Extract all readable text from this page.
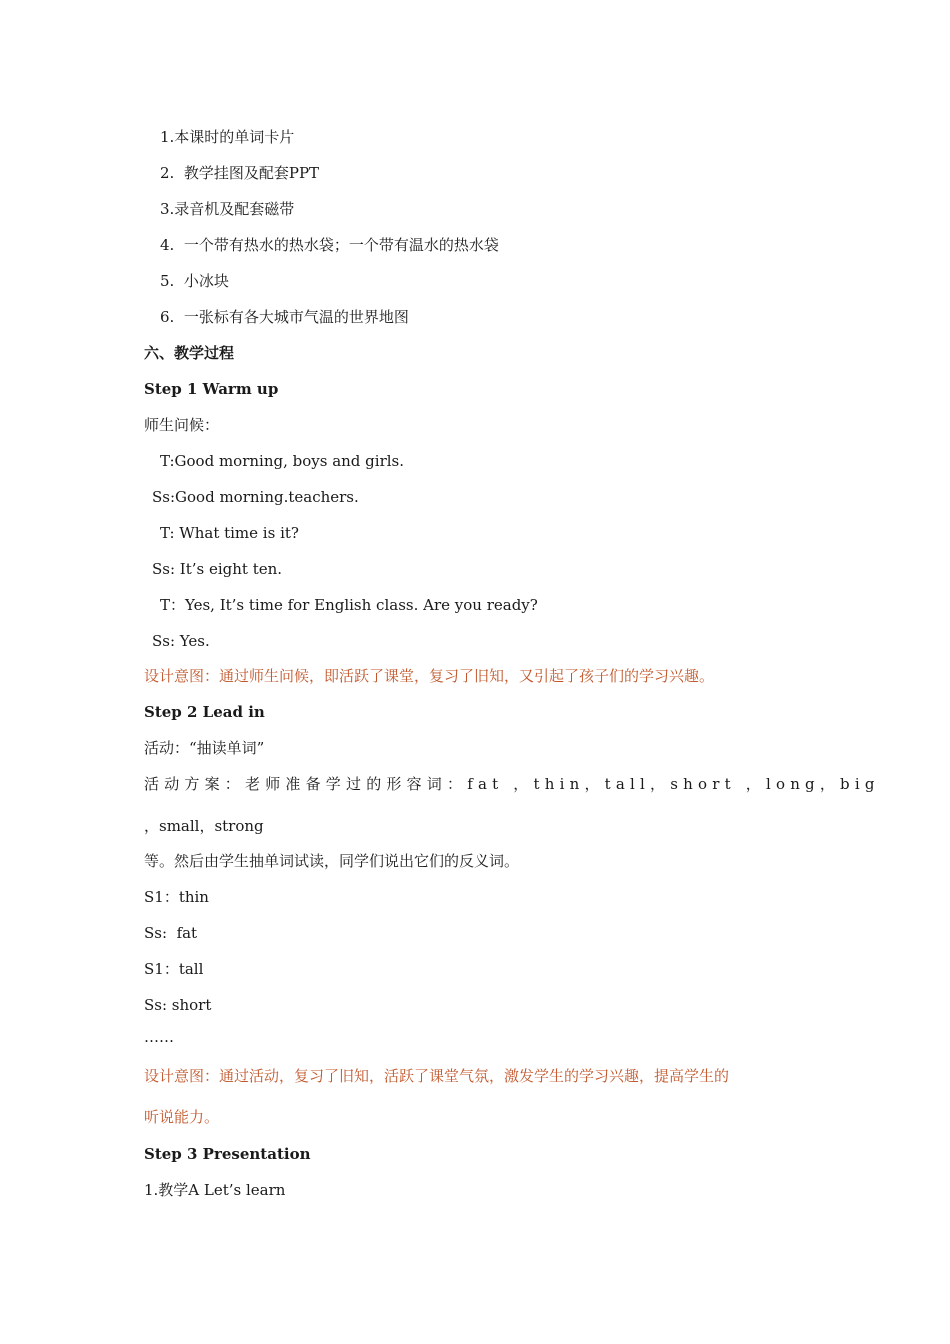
1.本课时的单词卡片
2.  教学挂图及配套PPT
3.录音机及配套磁带
4.  一个带有热水的热水袋；一个带有温水的热水袋
5.  小冰块
6.  一张标有各大城市气温的世界地图
六、教学过程
Step 1 Warm up
师生问候：
T:Good morning, boys and girls.
Ss:Good morning.teachers.
T: What time is it?
Ss: It’s eight ten.
T：Yes, It’s time for English class. Are you ready?
Ss: Yes.
设计意图：通过师生问候，即活跃了课堂，复习了旧知，又引起了孩子们的学习兴趣。
Step 2 Lead in
活动：“抽读单词”
活动方案：老师准备学过的形容词：fat ，thin，tall，short ，long，big
，small，strong
等。然后由学生抽单词试读，同学们说出它们的反义词。
S1：thin
Ss:  fat
S1：tall
Ss: short
……
设计意图：通过活动，复习了旧知，活跃了课堂气氛，激发学生的学习兴趣，提高学生的
听说能力。
Step 3 Presentation
1.教学A Let’s learn
